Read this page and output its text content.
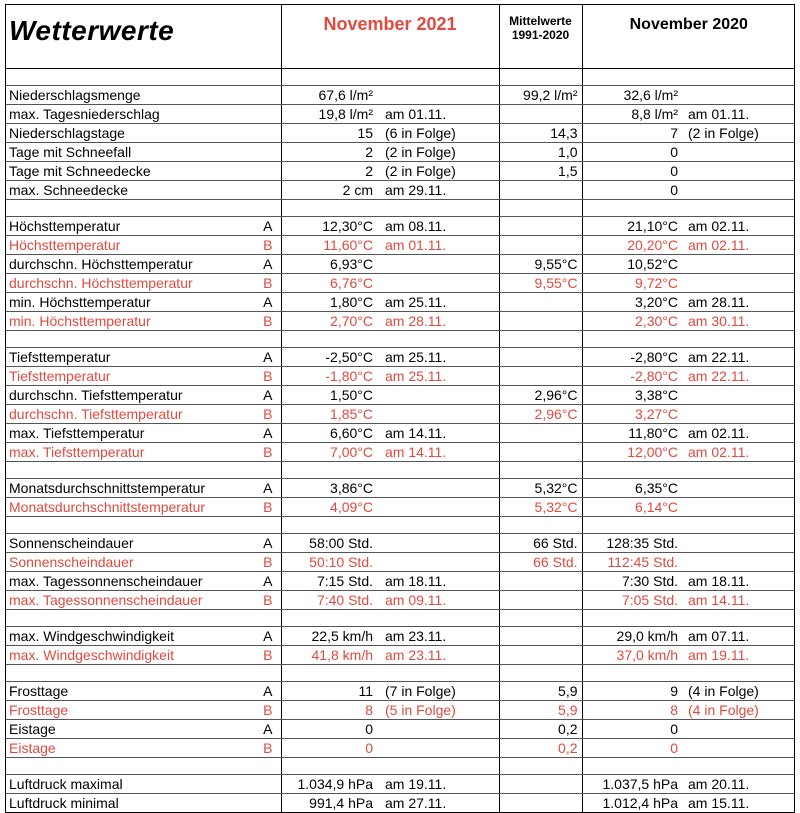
Wetterwerte		November 2021		Mittelwerte
1991-2020	November 2020	

Niederschlagsmenge		67,6 l/m²		99,2 l/m²	32,6 l/m²	
max. Tagesniederschlag		19,8 l/m²	am 01.11.		8,8 l/m²	am 01.11.
Niederschlagstage		15	(6 in Folge)	14,3	7	(2 in Folge)
Tage mit Schneefall		2	(2 in Folge)	1,0	0	
Tage mit Schneedecke		2	(2 in Folge)	1,5	0	
max. Schneedecke		2 cm	am 29.11.		0	

Höchsttemperatur	A	12,30°C	am 08.11.		21,10°C	am 02.11.
Höchsttemperatur	B	11,60°C	am 01.11.		20,20°C	am 02.11.
durchschn. Höchsttemperatur	A	6,93°C		9,55°C	10,52°C	
durchschn. Höchsttemperatur	B	6,76°C		9,55°C	9,72°C	
min. Höchsttemperatur	A	1,80°C	am 25.11.		3,20°C	am 28.11.
min. Höchsttemperatur	B	2,70°C	am 28.11.		2,30°C	am 30.11.

Tiefsttemperatur	A	-2,50°C	am 25.11.		-2,80°C	am 22.11.
Tiefsttemperatur	B	-1,80°C	am 25.11.		-2,80°C	am 22.11.
durchschn. Tiefsttemperatur	A	1,50°C		2,96°C	3,38°C	
durchschn. Tiefsttemperatur	B	1,85°C		2,96°C	3,27°C	
max. Tiefsttemperatur	A	6,60°C	am 14.11.		11,80°C	am 02.11.
max. Tiefsttemperatur	B	7,00°C	am 14.11.		12,00°C	am 02.11.

Monatsdurchschnittstemperatur	A	3,86°C		5,32°C	6,35°C	
Monatsdurchschnittstemperatur	B	4,09°C		5,32°C	6,14°C	

Sonnenscheindauer	A	58:00 Std.		66 Std.	128:35 Std.	
Sonnenscheindauer	B	50:10 Std.		66 Std.	112:45 Std.	
max. Tagessonnenscheindauer	A	7:15 Std.	am 18.11.		7:30 Std.	am 18.11.
max. Tagessonnenscheindauer	B	7:40 Std.	am 09.11.		7:05 Std.	am 14.11.

max. Windgeschwindigkeit	A	22,5 km/h	am 23.11.		29,0 km/h	am 07.11.
max. Windgeschwindigkeit	B	41,8 km/h	am 23.11.		37,0 km/h	am 19.11.

Frosttage	A	11	(7 in Folge)	5,9	9	(4 in Folge)
Frosttage	B	8	(5 in Folge)	5,9	8	(4 in Folge)
Eistage	A	0		0,2	0	
Eistage	B	0		0,2	0	

Luftdruck maximal		1.034,9 hPa	am 19.11.		1.037,5 hPa	am 20.11.
Luftdruck minimal		991,4 hPa	am 27.11.		1.012,4 hPa	am 15.11.
